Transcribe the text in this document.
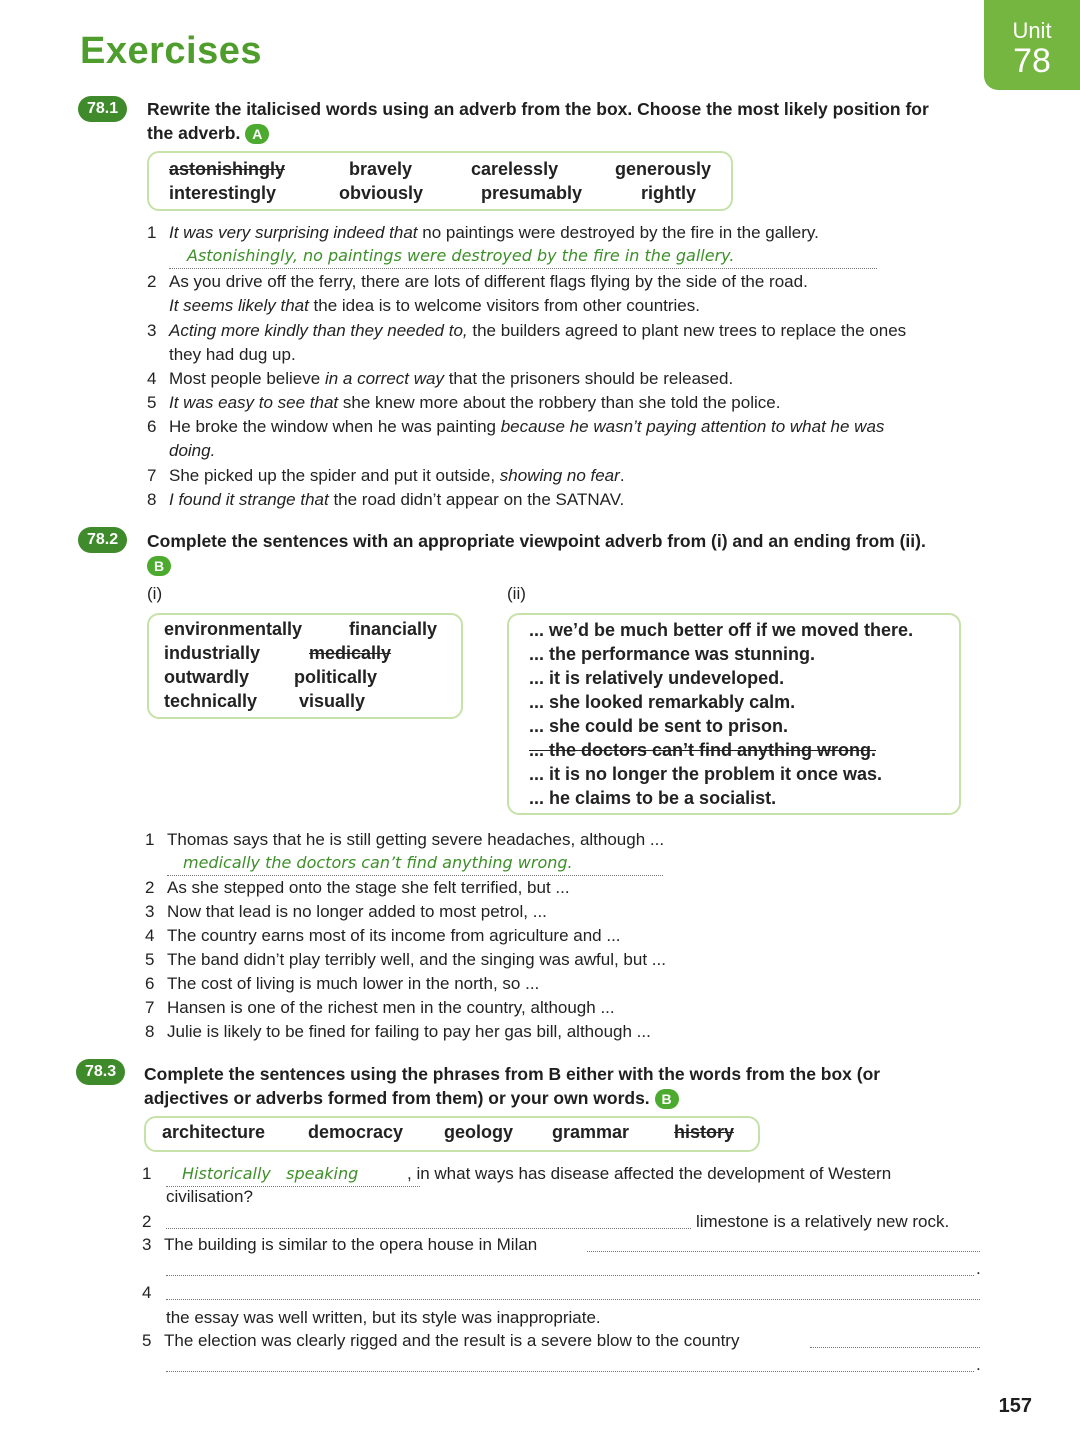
Exercises	Unit
78
78.1	Rewrite the italicised words using an adverb from the box. Choose the most likely position for
the adverb. A
astonishingly	bravely	carelessly	generously
interestingly	obviously	presumably	rightly
1 It was very surprising indeed that no paintings were destroyed by the fire in the gallery.
Astonishingly, no paintings were destroyed by the fire in the gallery.
2 As you drive off the ferry, there are lots of different flags flying by the side of the road.
It seems likely that the idea is to welcome visitors from other countries.
3 Acting more kindly than they needed to, the builders agreed to plant new trees to replace the ones
they had dug up.
4 Most people believe in a correct way that the prisoners should be released.
5 It was easy to see that she knew more about the robbery than she told the police.
6 He broke the window when he was painting because he wasn’t paying attention to what he was
doing.
7 She picked up the spider and put it outside, showing no fear.
8 I found it strange that the road didn’t appear on the SATNAV.
78.2	Complete the sentences with an appropriate viewpoint adverb from (i) and an ending from (ii).
B
(i)	(ii)
environmentally	financially
industrially	medically
outwardly politically
technically visually
... we’d be much better off if we moved there.
... the performance was stunning.
... it is relatively undeveloped.
... she looked remarkably calm.
... she could be sent to prison.
... the doctors can’t find anything wrong.
... it is no longer the problem it once was.
... he claims to be a socialist.
1 Thomas says that he is still getting severe headaches, although ...
medically the doctors can’t find anything wrong.
2 As she stepped onto the stage she felt terrified, but ...
3 Now that lead is no longer added to most petrol, ...
4 The country earns most of its income from agriculture and ...
5 The band didn’t play terribly well, and the singing was awful, but ...
6 The cost of living is much lower in the north, so ...
7 Hansen is one of the richest men in the country, although ...
8 Julie is likely to be fined for failing to pay her gas bill, although ...
78.3	Complete the sentences using the phrases from B either with the words from the box (or
adjectives or adverbs formed from them) or your own words. B
architecture democracy geology grammar history
1	Historically speaking	, in what ways has disease affected the development of Western
civilisation?
2	limestone is a relatively new rock.
3 The building is similar to the opera house in Milan
.
4
the essay was well written, but its style was inappropriate.
5 The election was clearly rigged and the result is a severe blow to the country
.
157
